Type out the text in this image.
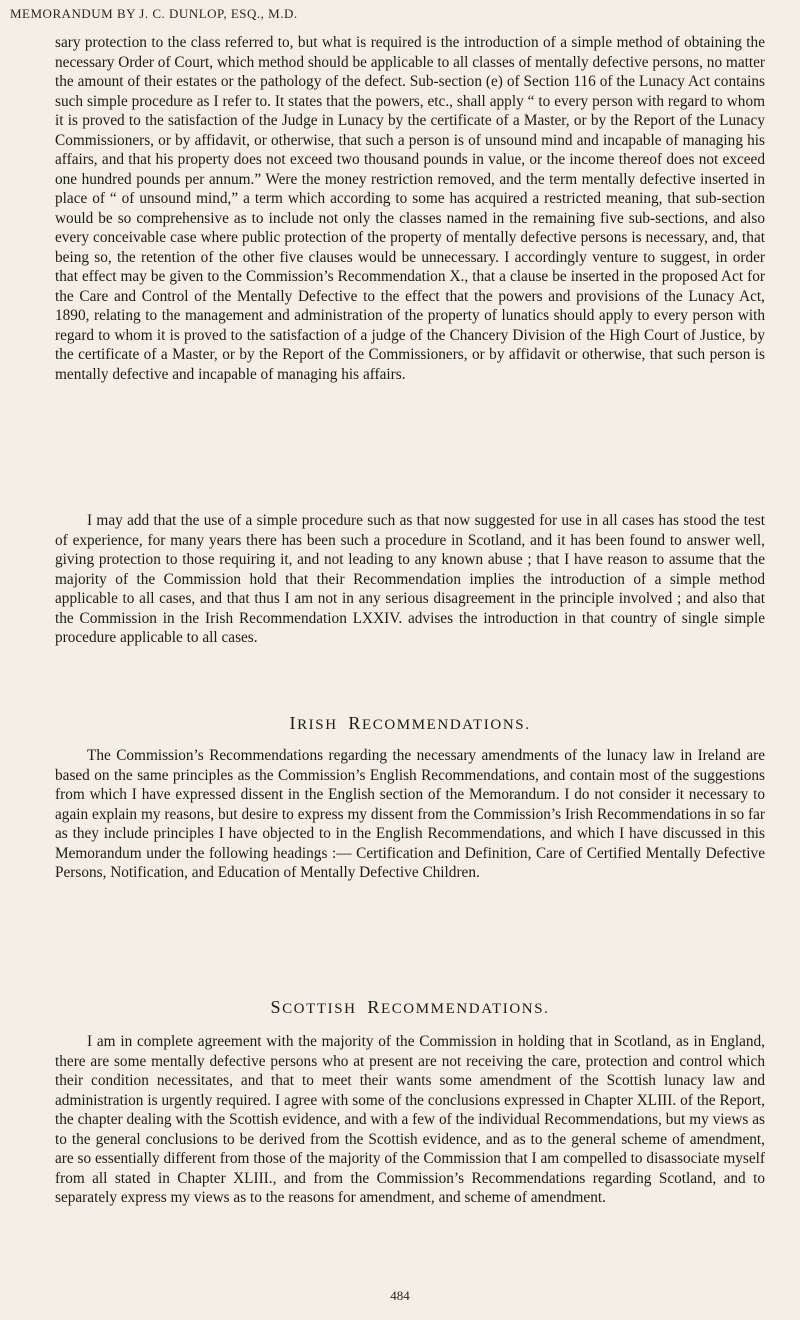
MEMORANDUM BY J. C. DUNLOP, ESQ., M.D.

sary protection to the class referred to, but what is required is the introduction of a simple method of obtaining the necessary Order of Court, which method should be applicable to all classes of mentally defective persons, no matter the amount of their estates or the pathology of the defect. Sub-section (e) of Section 116 of the Lunacy Act contains such simple procedure as I refer to. It states that the powers, etc., shall apply “ to every person with regard to whom it is proved to the satisfaction of the Judge in Lunacy by the certificate of a Master, or by the Report of the Lunacy Commissioners, or by affidavit, or otherwise, that such a person is of unsound mind and incapable of managing his affairs, and that his property does not exceed two thousand pounds in value, or the income thereof does not exceed one hundred pounds per annum.” Were the money restriction removed, and the term mentally defective inserted in place of “ of unsound mind,” a term which according to some has acquired a restricted meaning, that sub-section would be so comprehensive as to include not only the classes named in the remaining five sub-sections, and also every conceivable case where public protection of the property of mentally defective persons is necessary, and, that being so, the retention of the other five clauses would be unnecessary. I accordingly venture to suggest, in order that effect may be given to the Commission’s Recommendation X., that a clause be inserted in the proposed Act for the Care and Control of the Mentally Defective to the effect that the powers and provisions of the Lunacy Act, 1890, relating to the management and administration of the property of lunatics should apply to every person with regard to whom it is proved to the satisfaction of a judge of the Chancery Division of the High Court of Justice, by the certificate of a Master, or by the Report of the Commissioners, or by affidavit or otherwise, that such person is mentally defective and incapable of managing his affairs.

I may add that the use of a simple procedure such as that now suggested for use in all cases has stood the test of experience, for many years there has been such a procedure in Scotland, and it has been found to answer well, giving protection to those requiring it, and not leading to any known abuse ; that I have reason to assume that the majority of the Commission hold that their Recommendation implies the introduction of a simple method applicable to all cases, and that thus I am not in any serious disagreement in the principle involved ; and also that the Commission in the Irish Recommendation LXXIV. advises the introduction in that country of single simple procedure applicable to all cases.

IRISH RECOMMENDATIONS.

The Commission’s Recommendations regarding the necessary amendments of the lunacy law in Ireland are based on the same principles as the Commission’s English Recommendations, and contain most of the suggestions from which I have expressed dissent in the English section of the Memorandum. I do not consider it necessary to again explain my reasons, but desire to express my dissent from the Commission’s Irish Recommendations in so far as they include principles I have objected to in the English Recommendations, and which I have discussed in this Memorandum under the following headings :— Certification and Definition, Care of Certified Mentally Defective Persons, Notification, and Education of Mentally Defective Children.

SCOTTISH RECOMMENDATIONS.

I am in complete agreement with the majority of the Commission in holding that in Scotland, as in England, there are some mentally defective persons who at present are not receiving the care, protection and control which their condition necessitates, and that to meet their wants some amendment of the Scottish lunacy law and administration is urgently required. I agree with some of the conclusions expressed in Chapter XLIII. of the Report, the chapter dealing with the Scottish evidence, and with a few of the individual Recommendations, but my views as to the general conclusions to be derived from the Scottish evidence, and as to the general scheme of amendment, are so essentially different from those of the majority of the Commission that I am compelled to disassociate myself from all stated in Chapter XLIII., and from the Commission’s Recommendations regarding Scotland, and to separately express my views as to the reasons for amendment, and scheme of amendment.

484
